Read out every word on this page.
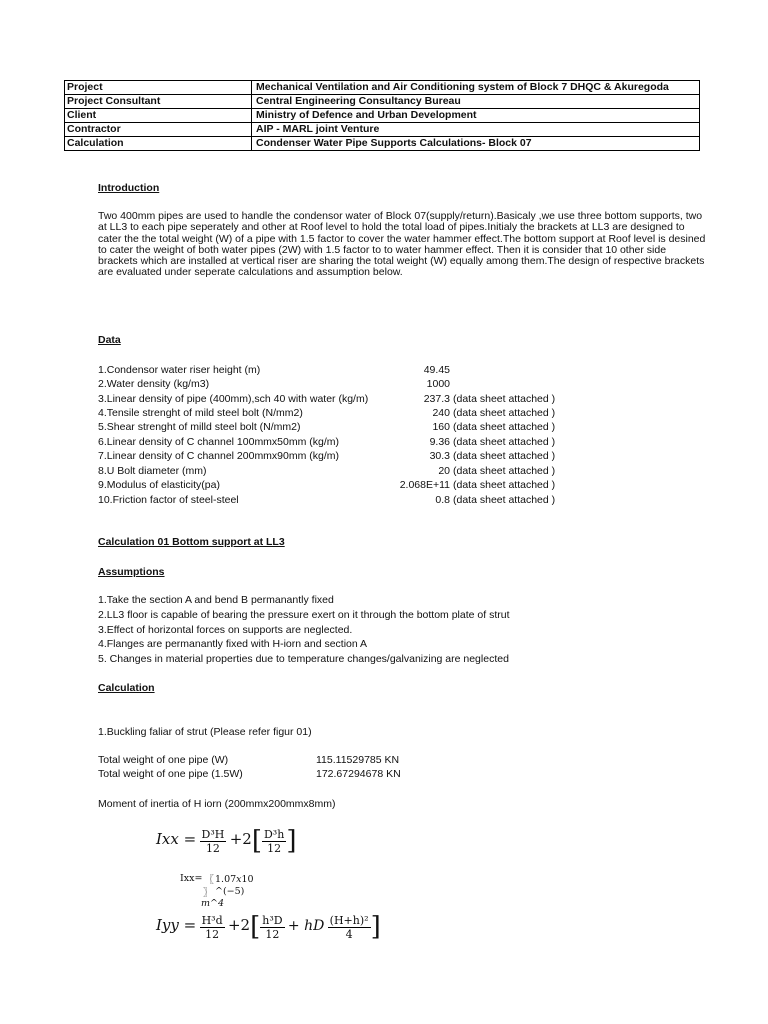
Project	Mechanical Ventilation and Air Conditioning system of Block 7 DHQC & Akuregoda
Project Consultant	Central Engineering Consultancy Bureau
Client	Ministry of Defence and Urban Development
Contractor	AIP - MARL joint Venture
Calculation	Condenser Water Pipe Supports Calculations- Block 07
Introduction
Two 400mm pipes are used to handle the condensor water of Block 07(supply/return).Basicaly ,we use three bottom supports, two at LL3 to each pipe seperately and other at Roof level to hold the total load of pipes.Initialy the brackets at LL3 are designed to cater the the total weight (W) of a pipe with 1.5 factor to cover the water hammer effect.The bottom support at Roof level is desined to cater the weight of both water pipes (2W) with 1.5 factor to to water hammer effect. Then it is consider that 10 other side brackets which are installed at vertical riser are sharing the total weight (W) equally among them.The design of respective brackets are evaluated under seperate calculations and assumption below.
Data
1.Condensor water riser height (m)	49.45
2.Water density (kg/m3)	1000
3.Linear density of pipe (400mm),sch 40 with water (kg/m)	237.3 (data sheet attached )
4.Tensile strenght of mild steel bolt (N/mm2)	240 (data sheet attached )
5.Shear strenght of milld steel bolt (N/mm2)	160 (data sheet attached )
6.Linear density of C channel 100mmx50mm (kg/m)	9.36 (data sheet attached )
7.Linear density of C channel 200mmx90mm (kg/m)	30.3 (data sheet attached )
8.U Bolt diameter (mm)	20 (data sheet attached )
9.Modulus of elasticity(pa)	2.068E+11 (data sheet attached )
10.Friction factor of steel-steel	0.8 (data sheet attached )
Calculation 01 Bottom support at LL3
Assumptions
1.Take the section A and bend B permanantly fixed
2.LL3 floor is capable of bearing the pressure exert on it through the bottom plate of strut
3.Effect of horizontal forces on supports are neglected.
4.Flanges are permanantly fixed with H-iorn and section A
5. Changes in material properties due to temperature changes/galvanizing are neglected
Calculation
1.Buckling faliar of strut (Please refer figur 01)
Total weight of one pipe (W)	115.11529785 KN
Total weight of one pipe (1.5W)	172.67294678 KN
Moment of inertia of H iorn (200mmx200mmx8mm)
Ixx = $\frac{\text{D³H}}{12} +2[ \frac{\text{D³h}}{12}$ ]
Ixx= 〖 1.07𝑥10
〗 ^(−5)
m^4
Iyy = $\frac{\text{H³d}}{12} +2[ \frac{\text{h³D}}{12}$ + hD $\frac{\text{(H+h)²}}{4}$ ]
